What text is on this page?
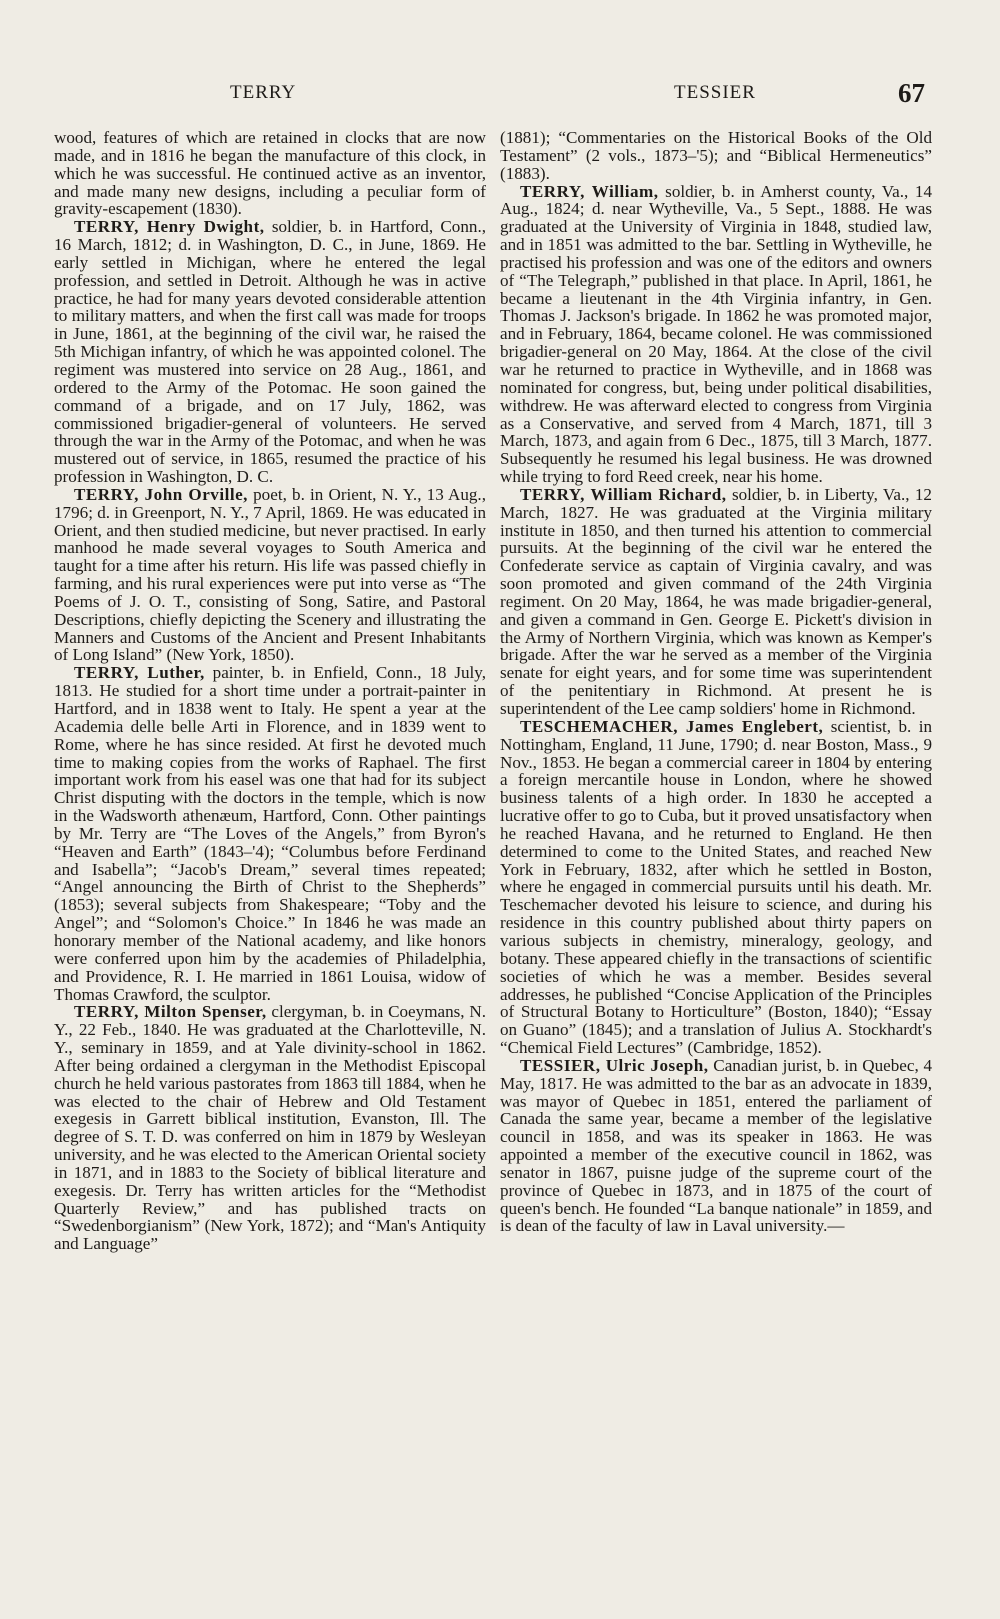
TERRY	TESSIER	67

wood, features of which are retained in clocks that are now made, and in 1816 he began the manufacture of this clock, in which he was successful. He continued active as an inventor, and made many new designs, including a peculiar form of gravity-escapement (1830).

TERRY, Henry Dwight, soldier, b. in Hartford, Conn., 16 March, 1812; d. in Washington, D. C., in June, 1869. He early settled in Michigan, where he entered the legal profession, and settled in Detroit. Although he was in active practice, he had for many years devoted considerable attention to military matters, and when the first call was made for troops in June, 1861, at the beginning of the civil war, he raised the 5th Michigan infantry, of which he was appointed colonel. The regiment was mustered into service on 28 Aug., 1861, and ordered to the Army of the Potomac. He soon gained the command of a brigade, and on 17 July, 1862, was commissioned brigadier-general of volunteers. He served through the war in the Army of the Potomac, and when he was mustered out of service, in 1865, resumed the practice of his profession in Washington, D. C.

TERRY, John Orville, poet, b. in Orient, N. Y., 13 Aug., 1796; d. in Greenport, N. Y., 7 April, 1869. He was educated in Orient, and then studied medicine, but never practised. In early manhood he made several voyages to South America and taught for a time after his return. His life was passed chiefly in farming, and his rural experiences were put into verse as “The Poems of J. O. T., consisting of Song, Satire, and Pastoral Descriptions, chiefly depicting the Scenery and illustrating the Manners and Customs of the Ancient and Present Inhabitants of Long Island” (New York, 1850).

TERRY, Luther, painter, b. in Enfield, Conn., 18 July, 1813. He studied for a short time under a portrait-painter in Hartford, and in 1838 went to Italy. He spent a year at the Academia delle belle Arti in Florence, and in 1839 went to Rome, where he has since resided. At first he devoted much time to making copies from the works of Raphael. The first important work from his easel was one that had for its subject Christ disputing with the doctors in the temple, which is now in the Wadsworth athenæum, Hartford, Conn. Other paintings by Mr. Terry are “The Loves of the Angels,” from Byron's “Heaven and Earth” (1843–'4); “Columbus before Ferdinand and Isabella”; “Jacob's Dream,” several times repeated; “Angel announcing the Birth of Christ to the Shepherds” (1853); several subjects from Shakespeare; “Toby and the Angel”; and “Solomon's Choice.” In 1846 he was made an honorary member of the National academy, and like honors were conferred upon him by the academies of Philadelphia, and Providence, R. I. He married in 1861 Louisa, widow of Thomas Crawford, the sculptor.

TERRY, Milton Spenser, clergyman, b. in Coeymans, N. Y., 22 Feb., 1840. He was graduated at the Charlotteville, N. Y., seminary in 1859, and at Yale divinity-school in 1862. After being ordained a clergyman in the Methodist Episcopal church he held various pastorates from 1863 till 1884, when he was elected to the chair of Hebrew and Old Testament exegesis in Garrett biblical institution, Evanston, Ill. The degree of S. T. D. was conferred on him in 1879 by Wesleyan university, and he was elected to the American Oriental society in 1871, and in 1883 to the Society of biblical literature and exegesis. Dr. Terry has written articles for the “Methodist Quarterly Review,” and has published tracts on “Swedenborgianism” (New York, 1872); and “Man's Antiquity and Language”

(1881); “Commentaries on the Historical Books of the Old Testament” (2 vols., 1873–'5); and “Biblical Hermeneutics” (1883).

TERRY, William, soldier, b. in Amherst county, Va., 14 Aug., 1824; d. near Wytheville, Va., 5 Sept., 1888. He was graduated at the University of Virginia in 1848, studied law, and in 1851 was admitted to the bar. Settling in Wytheville, he practised his profession and was one of the editors and owners of “The Telegraph,” published in that place. In April, 1861, he became a lieutenant in the 4th Virginia infantry, in Gen. Thomas J. Jackson's brigade. In 1862 he was promoted major, and in February, 1864, became colonel. He was commissioned brigadier-general on 20 May, 1864. At the close of the civil war he returned to practice in Wytheville, and in 1868 was nominated for congress, but, being under political disabilities, withdrew. He was afterward elected to congress from Virginia as a Conservative, and served from 4 March, 1871, till 3 March, 1873, and again from 6 Dec., 1875, till 3 March, 1877. Subsequently he resumed his legal business. He was drowned while trying to ford Reed creek, near his home.

TERRY, William Richard, soldier, b. in Liberty, Va., 12 March, 1827. He was graduated at the Virginia military institute in 1850, and then turned his attention to commercial pursuits. At the beginning of the civil war he entered the Confederate service as captain of Virginia cavalry, and was soon promoted and given command of the 24th Virginia regiment. On 20 May, 1864, he was made brigadier-general, and given a command in Gen. George E. Pickett's division in the Army of Northern Virginia, which was known as Kemper's brigade. After the war he served as a member of the Virginia senate for eight years, and for some time was superintendent of the penitentiary in Richmond. At present he is superintendent of the Lee camp soldiers' home in Richmond.

TESCHEMACHER, James Englebert, scientist, b. in Nottingham, England, 11 June, 1790; d. near Boston, Mass., 9 Nov., 1853. He began a commercial career in 1804 by entering a foreign mercantile house in London, where he showed business talents of a high order. In 1830 he accepted a lucrative offer to go to Cuba, but it proved unsatisfactory when he reached Havana, and he returned to England. He then determined to come to the United States, and reached New York in February, 1832, after which he settled in Boston, where he engaged in commercial pursuits until his death. Mr. Teschemacher devoted his leisure to science, and during his residence in this country published about thirty papers on various subjects in chemistry, mineralogy, geology, and botany. These appeared chiefly in the transactions of scientific societies of which he was a member. Besides several addresses, he published “Concise Application of the Principles of Structural Botany to Horticulture” (Boston, 1840); “Essay on Guano” (1845); and a translation of Julius A. Stockhardt's “Chemical Field Lectures” (Cambridge, 1852).

TESSIER, Ulric Joseph, Canadian jurist, b. in Quebec, 4 May, 1817. He was admitted to the bar as an advocate in 1839, was mayor of Quebec in 1851, entered the parliament of Canada the same year, became a member of the legislative council in 1858, and was its speaker in 1863. He was appointed a member of the executive council in 1862, was senator in 1867, puisne judge of the supreme court of the province of Quebec in 1873, and in 1875 of the court of queen's bench. He founded “La banque nationale” in 1859, and is dean of the faculty of law in Laval university.—
